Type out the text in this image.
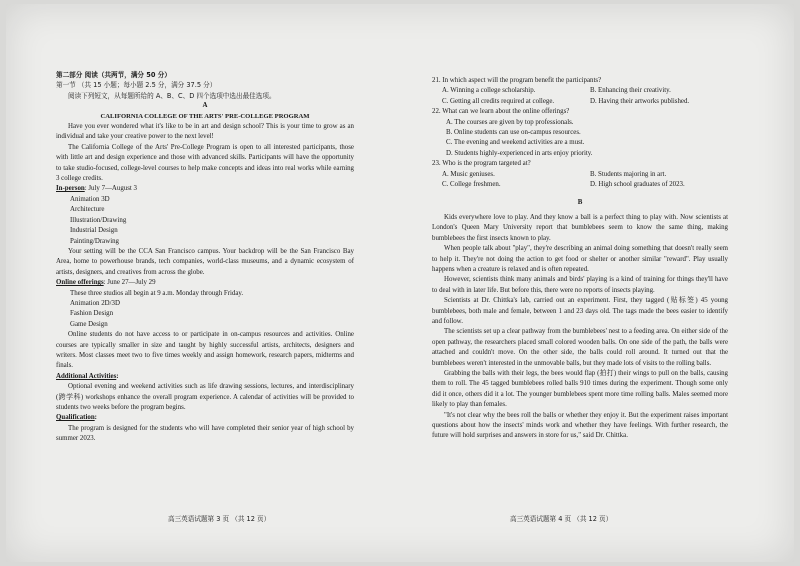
第二部分 阅读（共两节，满分 50 分）

第一节 （共 15 小题；每小题 2.5 分，满分 37.5 分）

阅读下列短文，从每题所给的 A、B、C、D 四个选项中选出最佳选项。

A

CALIFORNIA COLLEGE OF THE ARTS' PRE-COLLEGE PROGRAM

Have you ever wondered what it's like to be in art and design school? This is your time to grow as an individual and take your creative power to the next level!

The California College of the Arts' Pre-College Program is open to all interested participants, those with little art and design experience and those with advanced skills. Participants will have the opportunity to take studio-focused, college-level courses to help make concepts and ideas into real works while earning 3 college credits.

In-person: July 7—August 3

Animation 3D

Architecture

Illustration/Drawing

Industrial Design

Painting/Drawing

Your setting will be the CCA San Francisco campus. Your backdrop will be the San Francisco Bay Area, home to powerhouse brands, tech companies, world-class museums, and a dynamic ecosystem of artists, designers, and creatives from across the globe.

Online offerings: June 27—July 29

These three studios all begin at 9 a.m. Monday through Friday.

Animation 2D/3D

Fashion Design

Game Design

Online students do not have access to or participate in on-campus resources and activities. Online courses are typically smaller in size and taught by highly successful artists, architects, designers and writers. Most classes meet two to five times weekly and assign homework, research papers, midterms and finals.

Additional Activities:

Optional evening and weekend activities such as life drawing sessions, lectures, and interdisciplinary (跨学科) workshops enhance the overall program experience. A calendar of activities will be provided to students two weeks before the program begins.

Qualification:

The program is designed for the students who will have completed their senior year of high school by summer 2023.

21. In which aspect will the program benefit the participants?

A. Winning a college scholarship.	B. Enhancing their creativity.
C. Getting all credits required at college.	D. Having their artworks published.

22. What can we learn about the online offerings?

A. The courses are given by top professionals.

B. Online students can use on-campus resources.

C. The evening and weekend activities are a must.

D. Students highly-experienced in arts enjoy priority.

23. Who is the program targeted at?

A. Music geniuses.	B. Students majoring in art.
C. College freshmen.	D. High school graduates of 2023.

B

Kids everywhere love to play. And they know a ball is a perfect thing to play with. Now scientists at London's Queen Mary University report that bumblebees seem to know the same thing, making bumblebees the first insects known to play.

When people talk about "play", they're describing an animal doing something that doesn't really seem to help it. They're not doing the action to get food or shelter or another similar "reward". Play usually happens when a creature is relaxed and is often repeated.

However, scientists think many animals and birds' playing is a kind of training for things they'll have to deal with in later life. But before this, there were no reports of insects playing.

Scientists at Dr. Chittka's lab, carried out an experiment. First, they tagged (贴标签) 45 young bumblebees, both male and female, between 1 and 23 days old. The tags made the bees easier to identify and follow.

The scientists set up a clear pathway from the bumblebees' nest to a feeding area. On either side of the open pathway, the researchers placed small colored wooden balls. On one side of the path, the balls were attached and couldn't move. On the other side, the balls could roll around. It turned out that the bumblebees weren't interested in the unmovable balls, but they made lots of visits to the rolling balls.

Grabbing the balls with their legs, the bees would flap (拍打) their wings to pull on the balls, causing them to roll. The 45 tagged bumblebees rolled balls 910 times during the experiment. Though some only did it once, others did it a lot. The younger bumblebees spent more time rolling balls. Males seemed more likely to play than females.

"It's not clear why the bees roll the balls or whether they enjoy it. But the experiment raises important questions about how the insects' minds work and whether they have feelings. With further research, the future will hold surprises and answers in store for us," said Dr. Chittka.

高三英语试题第 3 页 （共 12 页）	高三英语试题第 4 页 （共 12 页）
